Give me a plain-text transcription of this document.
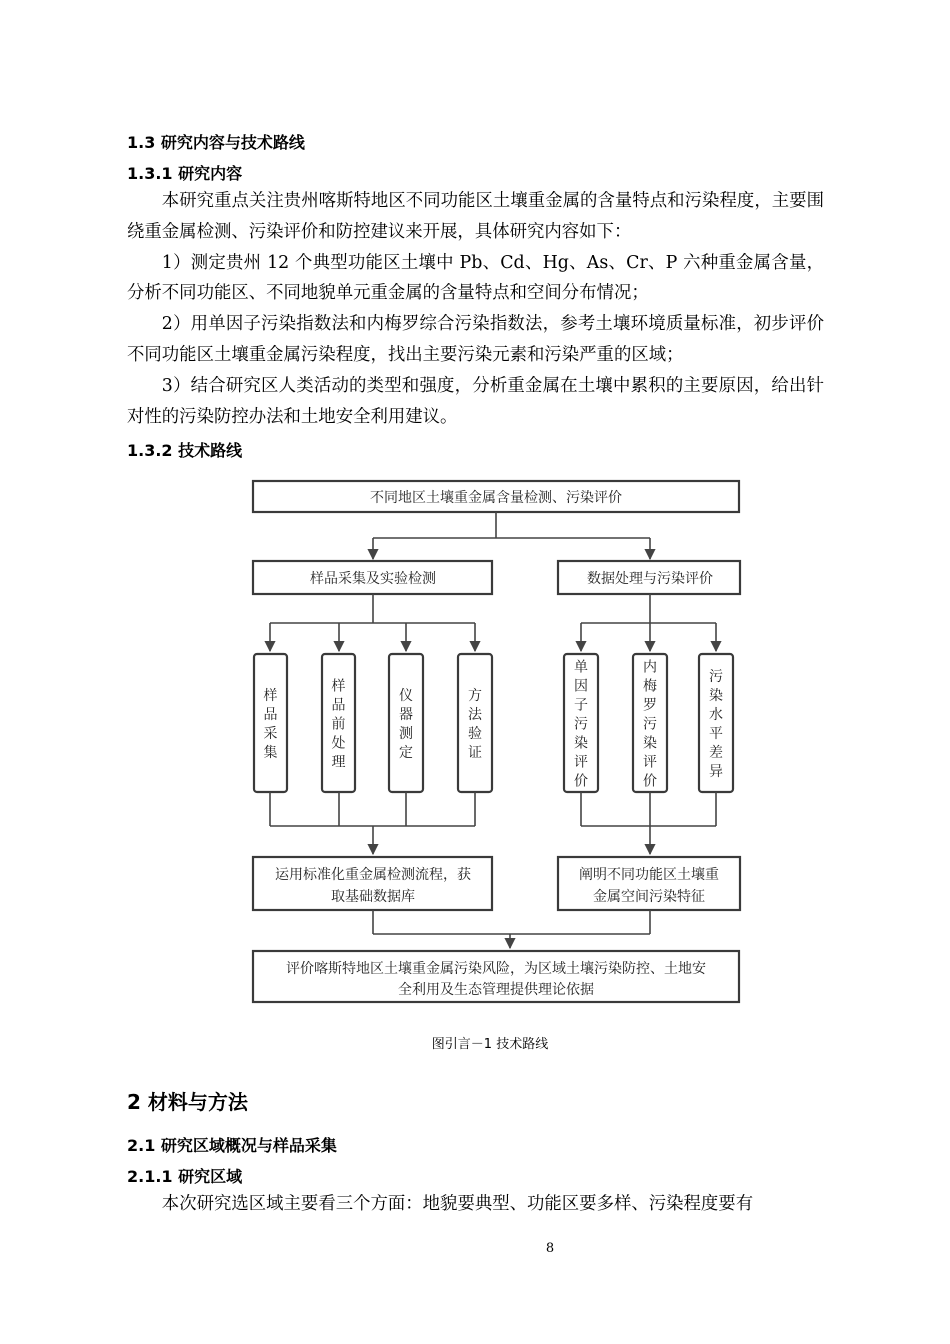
1.3 研究内容与技术路线
1.3.1 研究内容

本研究重点关注贵州喀斯特地区不同功能区土壤重金属的含量特点和污染程度，主要围绕重金属检测、污染评价和防控建议来开展，具体研究内容如下：

1）测定贵州 12 个典型功能区土壤中 Pb、Cd、Hg、As、Cr、P 六种重金属含量，分析不同功能区、不同地貌单元重金属的含量特点和空间分布情况；

2）用单因子污染指数法和内梅罗综合污染指数法，参考土壤环境质量标准，初步评价不同功能区土壤重金属污染程度，找出主要污染元素和污染严重的区域；

3）结合研究区人类活动的类型和强度，分析重金属在土壤中累积的主要原因，给出针对性的污染防控办法和土地安全利用建议。

1.3.2 技术路线
不同地区土壤重金属含量检测、污染评价
样品采集及实验检测	数据处理与污染评价
样
品
采
集
样
品
前
处
理
仪
器
测
定
方
法
验
证
单
因
子
污
染
评
价
内
梅
罗
污
染
评
价
污
染
水
平
差
异
运用标准化重金属检测流程，获
取基础数据库
阐明不同功能区土壤重
金属空间污染特征
评价喀斯特地区土壤重金属污染风险，为区域土壤污染防控、土地安
全利用及生态管理提供理论依据
图引言－1 技术路线
2 材料与方法
2.1 研究区域概况与样品采集
2.1.1 研究区域

本次研究选区域主要看三个方面：地貌要典型、功能区要多样、污染程度要有

8
